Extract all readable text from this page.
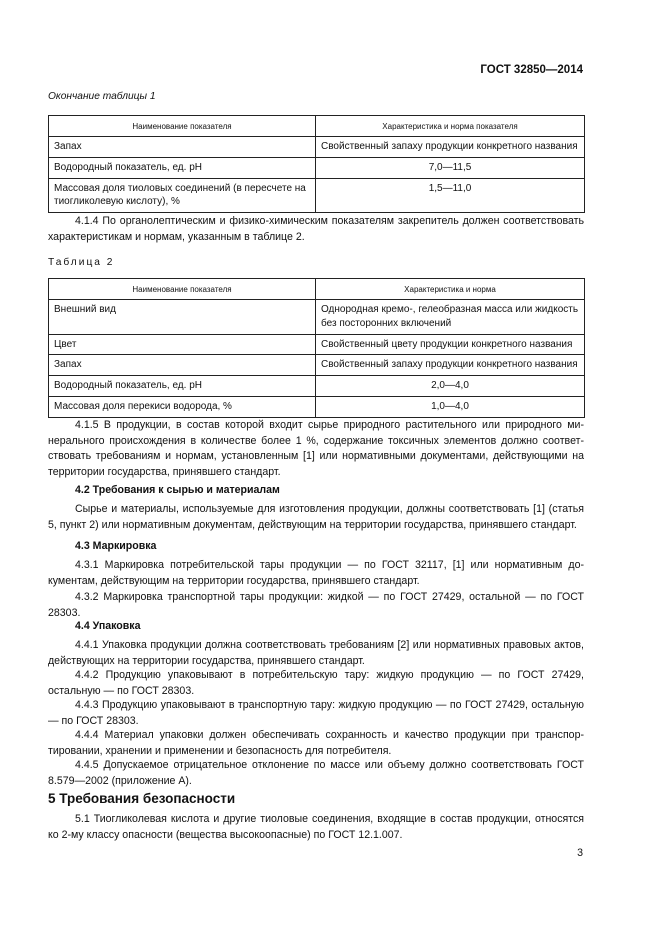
ГОСТ 32850—2014
Окончание таблицы 1
Наименование показателя	Характеристика и норма показателя
Запах	Свойственный запаху продукции конкретного названия
Водородный показатель, ед. pH	7,0—11,5
Массовая доля тиоловых соединений (в пересчете на тиогликолевую кислоту), %	1,5—11,0
4.1.4 По органолептическим и физико-химическим показателям закрепитель должен соответствовать характеристикам и нормам, указанным в таблице 2.
Таблица 2
Наименование показателя	Характеристика и норма
Внешний вид	Однородная кремо-, гелеобразная масса или жидкость без посторонних включений
Цвет	Свойственный цвету продукции конкретного названия
Запах	Свойственный запаху продукции конкретного названия
Водородный показатель, ед. pH	2,0—4,0
Массовая доля перекиси водорода, %	1,0—4,0
4.1.5 В продукции, в состав которой входит сырье природного растительного или природного минерального происхождения в количестве более 1 %, содержание токсичных элементов должно соответствовать требованиям и нормам, установленным [1] или нормативными документами, действующими на территории государства, принявшего стандарт.
4.2 Требования к сырью и материалам
Сырье и материалы, используемые для изготовления продукции, должны соответствовать [1] (статья 5, пункт 2) или нормативным документам, действующим на территории государства, принявшего стандарт.
4.3 Маркировка
4.3.1 Маркировка потребительской тары продукции — по ГОСТ 32117, [1] или нормативным документам, действующим на территории государства, принявшего стандарт.
4.3.2 Маркировка транспортной тары продукции: жидкой — по ГОСТ 27429, остальной — по ГОСТ 28303.
4.4 Упаковка
4.4.1 Упаковка продукции должна соответствовать требованиям [2] или нормативных правовых актов, действующих на территории государства, принявшего стандарт.
4.4.2 Продукцию упаковывают в потребительскую тару: жидкую продукцию — по ГОСТ 27429, остальную — по ГОСТ 28303.
4.4.3 Продукцию упаковывают в транспортную тару: жидкую продукцию — по ГОСТ 27429, остальную — по ГОСТ 28303.
4.4.4 Материал упаковки должен обеспечивать сохранность и качество продукции при транспортировании, хранении и применении и безопасность для потребителя.
4.4.5 Допускаемое отрицательное отклонение по массе или объему должно соответствовать ГОСТ 8.579—2002 (приложение А).
5 Требования безопасности
5.1 Тиогликолевая кислота и другие тиоловые соединения, входящие в состав продукции, относятся ко 2-му классу опасности (вещества высокоопасные) по ГОСТ 12.1.007.
3
